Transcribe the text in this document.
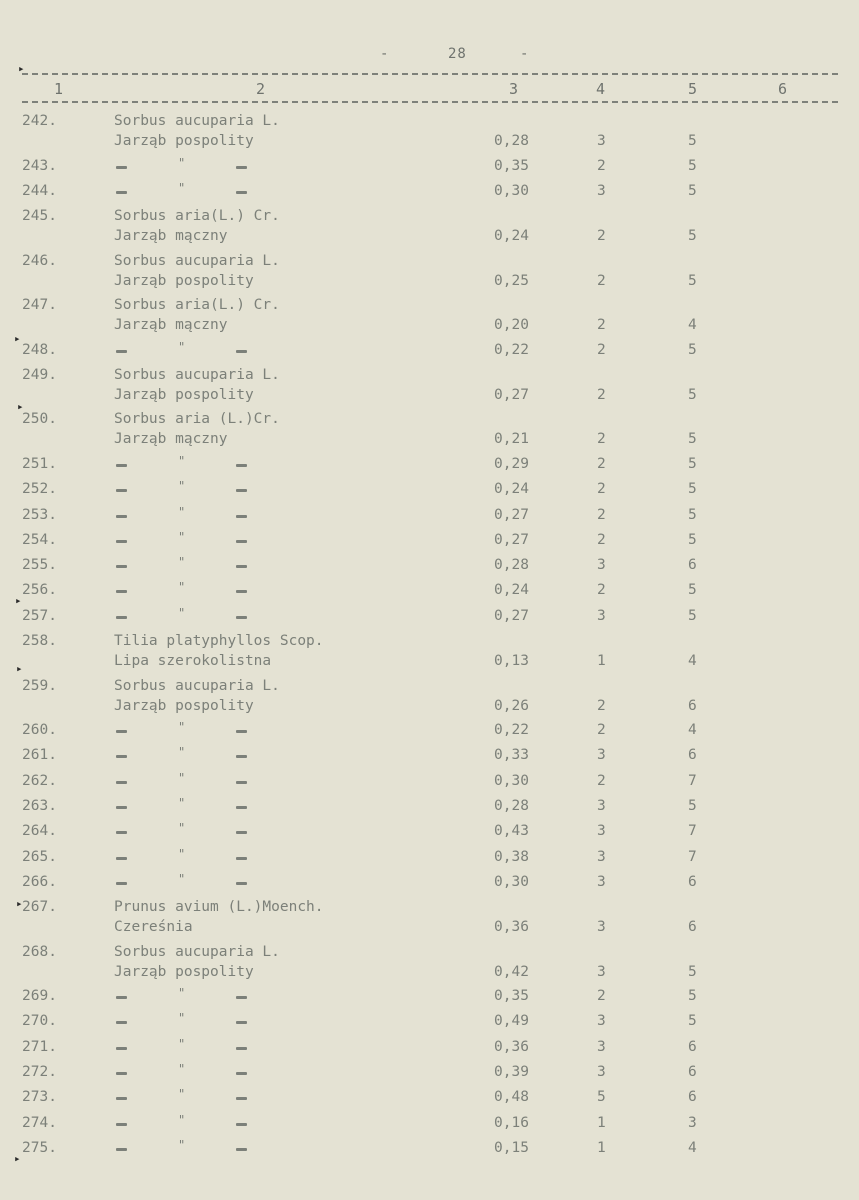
-	28	-
1	2	3	4	5	6
242.	Sorbus aucuparia L.
Jarząb pospolity	0,28	3	5
243.	"	0,35	2	5
244.	"	0,30	3	5
245.	Sorbus aria(L.) Cr.
Jarząb mączny	0,24	2	5
246.	Sorbus aucuparia L.
Jarząb pospolity	0,25	2	5
247.	Sorbus aria(L.) Cr.
Jarząb mączny	0,20	2	4
248.	"	0,22	2	5
249.	Sorbus aucuparia L.
Jarząb pospolity	0,27	2	5
250.	Sorbus aria (L.)Cr.
Jarząb mączny	0,21	2	5
251.	"	0,29	2	5
252.	"	0,24	2	5
253.	"	0,27	2	5
254.	"	0,27	2	5
255.	"	0,28	3	6
256.	"	0,24	2	5
257.	"	0,27	3	5
258.	Tilia platyphyllos Scop.
Lipa szerokolistna	0,13	1	4
259.	Sorbus aucuparia L.
Jarząb pospolity	0,26	2	6
260.	"	0,22	2	4
261.	"	0,33	3	6
262.	"	0,30	2	7
263.	"	0,28	3	5
264.	"	0,43	3	7
265.	"	0,38	3	7
266.	"	0,30	3	6
267.	Prunus avium (L.)Moench.
Czereśnia	0,36	3	6
268.	Sorbus aucuparia L.
Jarząb pospolity	0,42	3	5
269.	"	0,35	2	5
270.	"	0,49	3	5
271.	"	0,36	3	6
272.	"	0,39	3	6
273.	"	0,48	5	6
274.	"	0,16	1	3
275.	"	0,15	1	4
▸
▸
▸
▸
▸
▸
▸
